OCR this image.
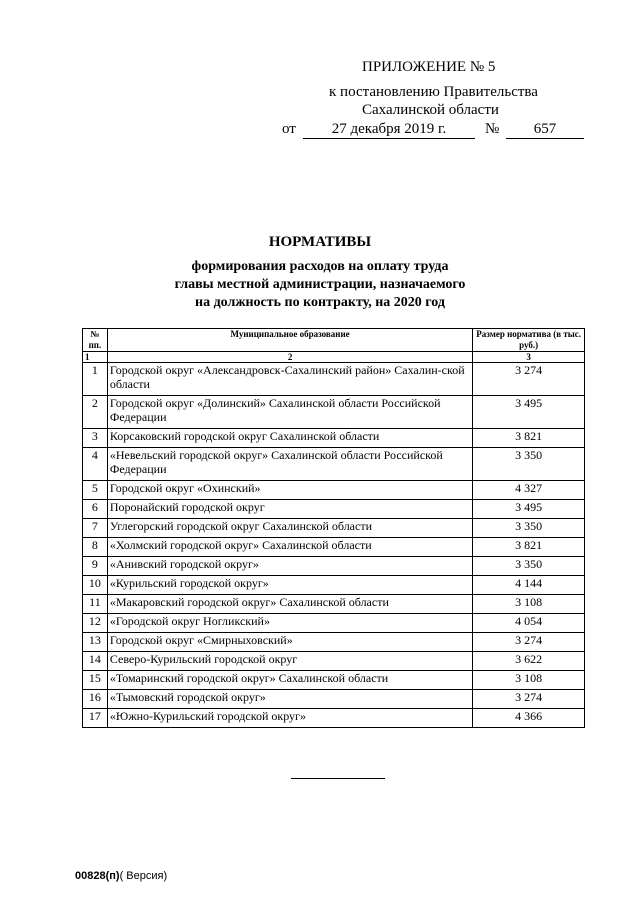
ПРИЛОЖЕНИЕ № 5
к постановлению Правительства
Сахалинской области
от	27 декабря 2019 г.	№	657
НОРМАТИВЫ
формирования расходов на оплату труда
главы местной администрации, назначаемого
на должность по контракту, на 2020 год
№ пп.	Муниципальное образование	Размер норматива (в тыс. руб.)
1	2	3
1	Городской округ «Александровск-Сахалинский район» Сахалин-ской области	3 274
2	Городской округ «Долинский» Сахалинской области Российской Федерации	3 495
3	Корсаковский городской округ Сахалинской области	3 821
4	«Невельский городской округ» Сахалинской области Российской Федерации	3 350
5	Городской округ «Охинский»	4 327
6	Поронайский городской округ	3 495
7	Углегорский городской округ Сахалинской области	3 350
8	«Холмский городской округ» Сахалинской области	3 821
9	«Анивский городской округ»	3 350
10	«Курильский городской округ»	4 144
11	«Макаровский городской округ» Сахалинской области	3 108
12	«Городской округ Ногликский»	4 054
13	Городской округ «Смирныховский»	3 274
14	Северо-Курильский городской округ	3 622
15	«Томаринский городской округ» Сахалинской области	3 108
16	«Тымовский городской округ»	3 274
17	«Южно-Курильский городской округ»	4 366
00828(п)( Версия)
